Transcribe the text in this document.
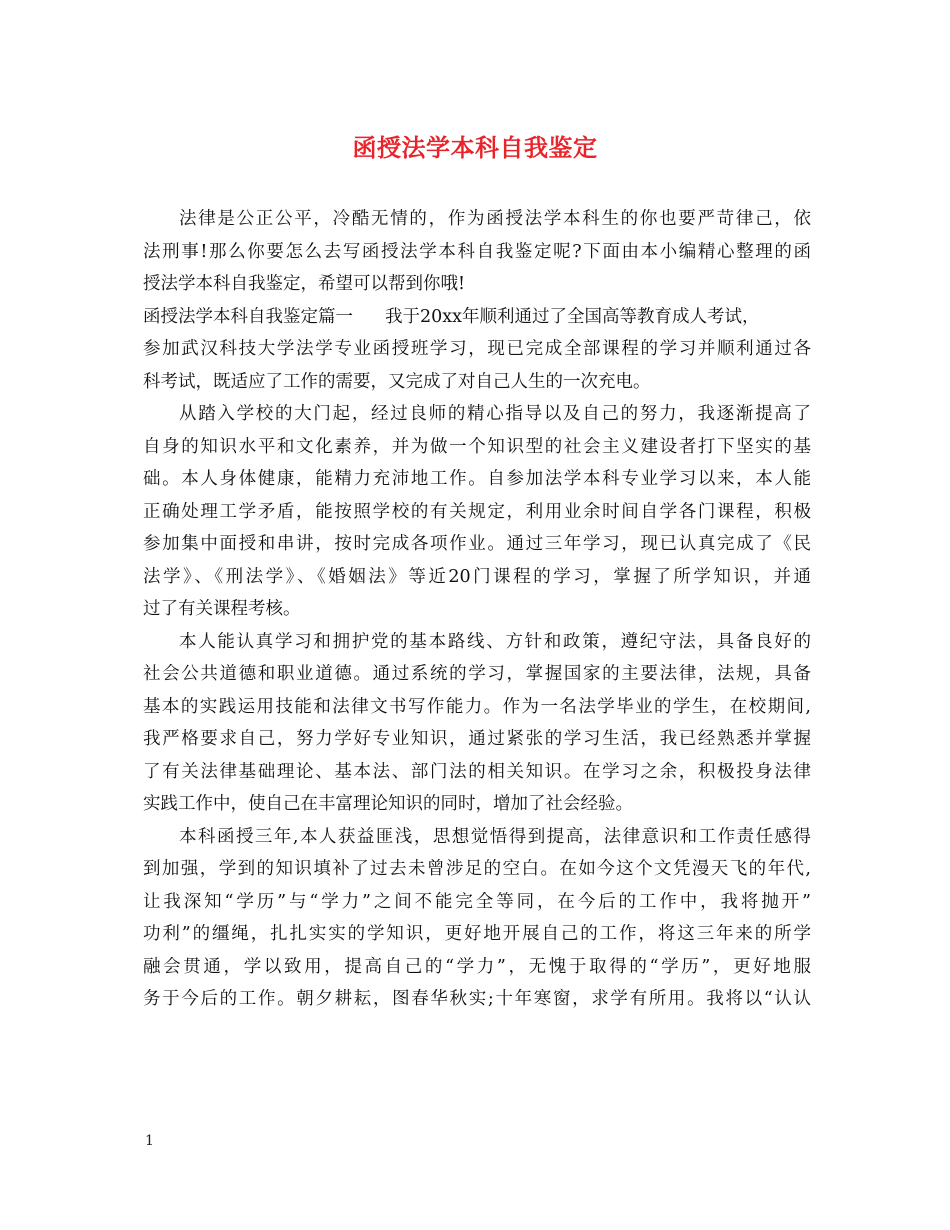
函授法学本科自我鉴定
法律是公正公平，冷酷无情的，作为函授法学本科生的你也要严苛律己，依
法刑事!那么你要怎么去写函授法学本科自我鉴定呢?下面由本小编精心整理的函
授法学本科自我鉴定，希望可以帮到你哦!
函授法学本科自我鉴定篇一 我于20xx年顺利通过了全国高等教育成人考试，
参加武汉科技大学法学专业函授班学习，现已完成全部课程的学习并顺利通过各
科考试，既适应了工作的需要，又完成了对自己人生的一次充电。
从踏入学校的大门起，经过良师的精心指导以及自己的努力，我逐渐提高了
自身的知识水平和文化素养，并为做一个知识型的社会主义建设者打下坚实的基
础。本人身体健康，能精力充沛地工作。自参加法学本科专业学习以来，本人能
正确处理工学矛盾，能按照学校的有关规定，利用业余时间自学各门课程，积极
参加集中面授和串讲，按时完成各项作业。通过三年学习，现已认真完成了《民
法学》、《刑法学》、《婚姻法》等近20门课程的学习，掌握了所学知识，并通
过了有关课程考核。
本人能认真学习和拥护党的基本路线、方针和政策，遵纪守法，具备良好的
社会公共道德和职业道德。通过系统的学习，掌握国家的主要法律，法规，具备
基本的实践运用技能和法律文书写作能力。作为一名法学毕业的学生，在校期间,
我严格要求自己，努力学好专业知识，通过紧张的学习生活，我已经熟悉并掌握
了有关法律基础理论、基本法、部门法的相关知识。在学习之余，积极投身法律
实践工作中，使自己在丰富理论知识的同时，增加了社会经验。
本科函授三年,本人获益匪浅，思想觉悟得到提高，法律意识和工作责任感得
到加强，学到的知识填补了过去未曾涉足的空白。在如今这个文凭漫天飞的年代,
让我深知“学历”与“学力”之间不能完全等同，在今后的工作中，我将抛开”
功利”的缰绳，扎扎实实的学知识，更好地开展自己的工作，将这三年来的所学
融会贯通，学以致用，提高自己的“学力”，无愧于取得的“学历”，更好地服
务于今后的工作。朝夕耕耘，图春华秋实;十年寒窗，求学有所用。我将以“认认
1
